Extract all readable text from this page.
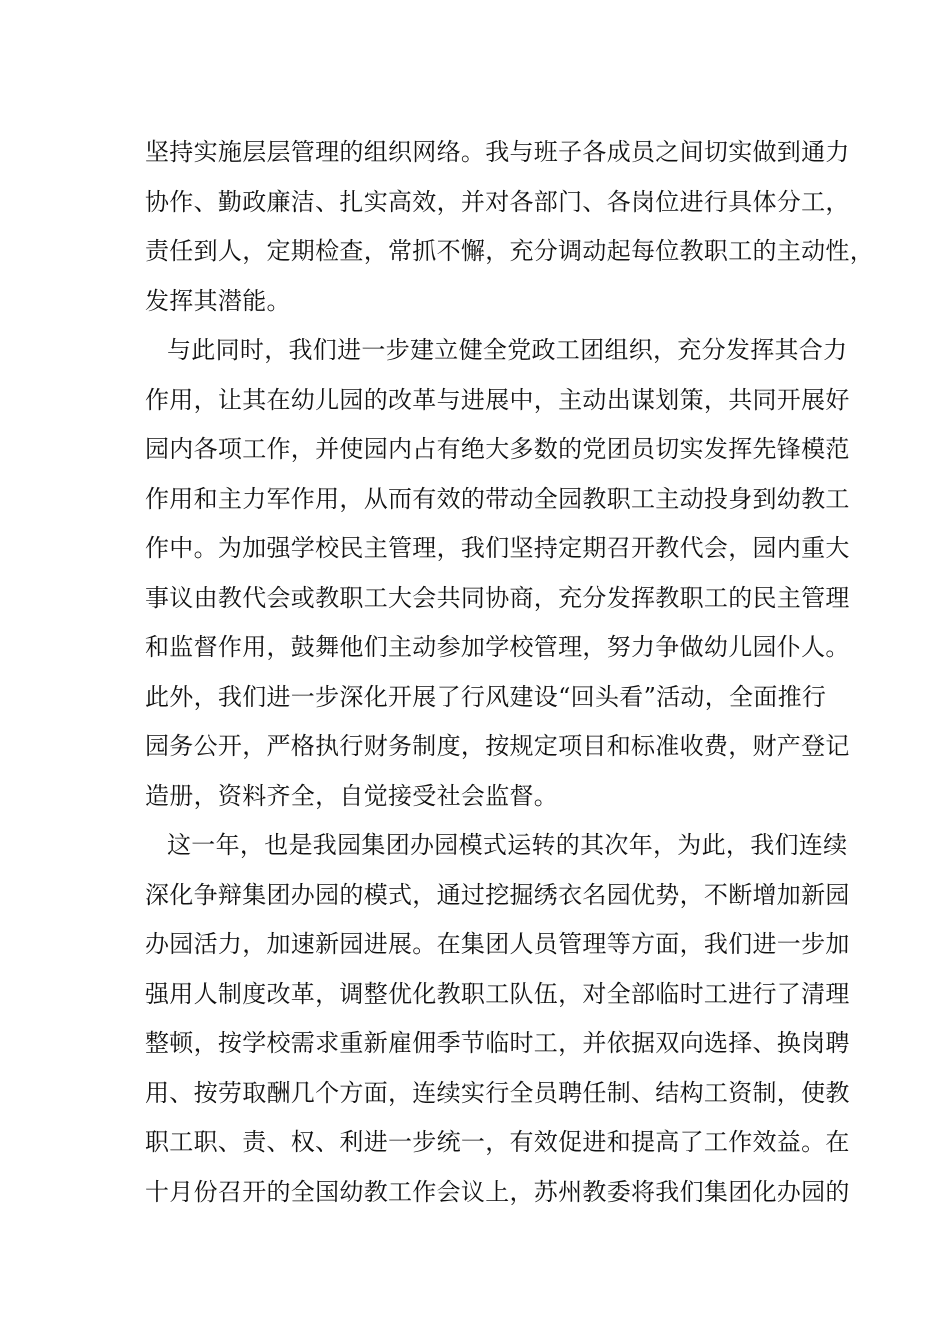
坚持实施层层管理的组织网络。我与班子各成员之间切实做到通力
协作、勤政廉洁、扎实高效，并对各部门、各岗位进行具体分工，
责任到人，定期检查，常抓不懈，充分调动起每位教职工的主动性，
发挥其潜能。
与此同时，我们进一步建立健全党政工团组织，充分发挥其合力
作用，让其在幼儿园的改革与进展中，主动出谋划策，共同开展好
园内各项工作，并使园内占有绝大多数的党团员切实发挥先锋模范
作用和主力军作用，从而有效的带动全园教职工主动投身到幼教工
作中。为加强学校民主管理，我们坚持定期召开教代会，园内重大
事议由教代会或教职工大会共同协商，充分发挥教职工的民主管理
和监督作用，鼓舞他们主动参加学校管理，努力争做幼儿园仆人。
此外，我们进一步深化开展了行风建设“回头看”活动，全面推行
园务公开，严格执行财务制度，按规定项目和标准收费，财产登记
造册，资料齐全，自觉接受社会监督。
这一年，也是我园集团办园模式运转的其次年，为此，我们连续
深化争辩集团办园的模式，通过挖掘绣衣名园优势，不断增加新园
办园活力，加速新园进展。在集团人员管理等方面，我们进一步加
强用人制度改革，调整优化教职工队伍，对全部临时工进行了清理
整顿，按学校需求重新雇佣季节临时工，并依据双向选择、换岗聘
用、按劳取酬几个方面，连续实行全员聘任制、结构工资制，使教
职工职、责、权、利进一步统一，有效促进和提高了工作效益。在
十月份召开的全国幼教工作会议上，苏州教委将我们集团化办园的
